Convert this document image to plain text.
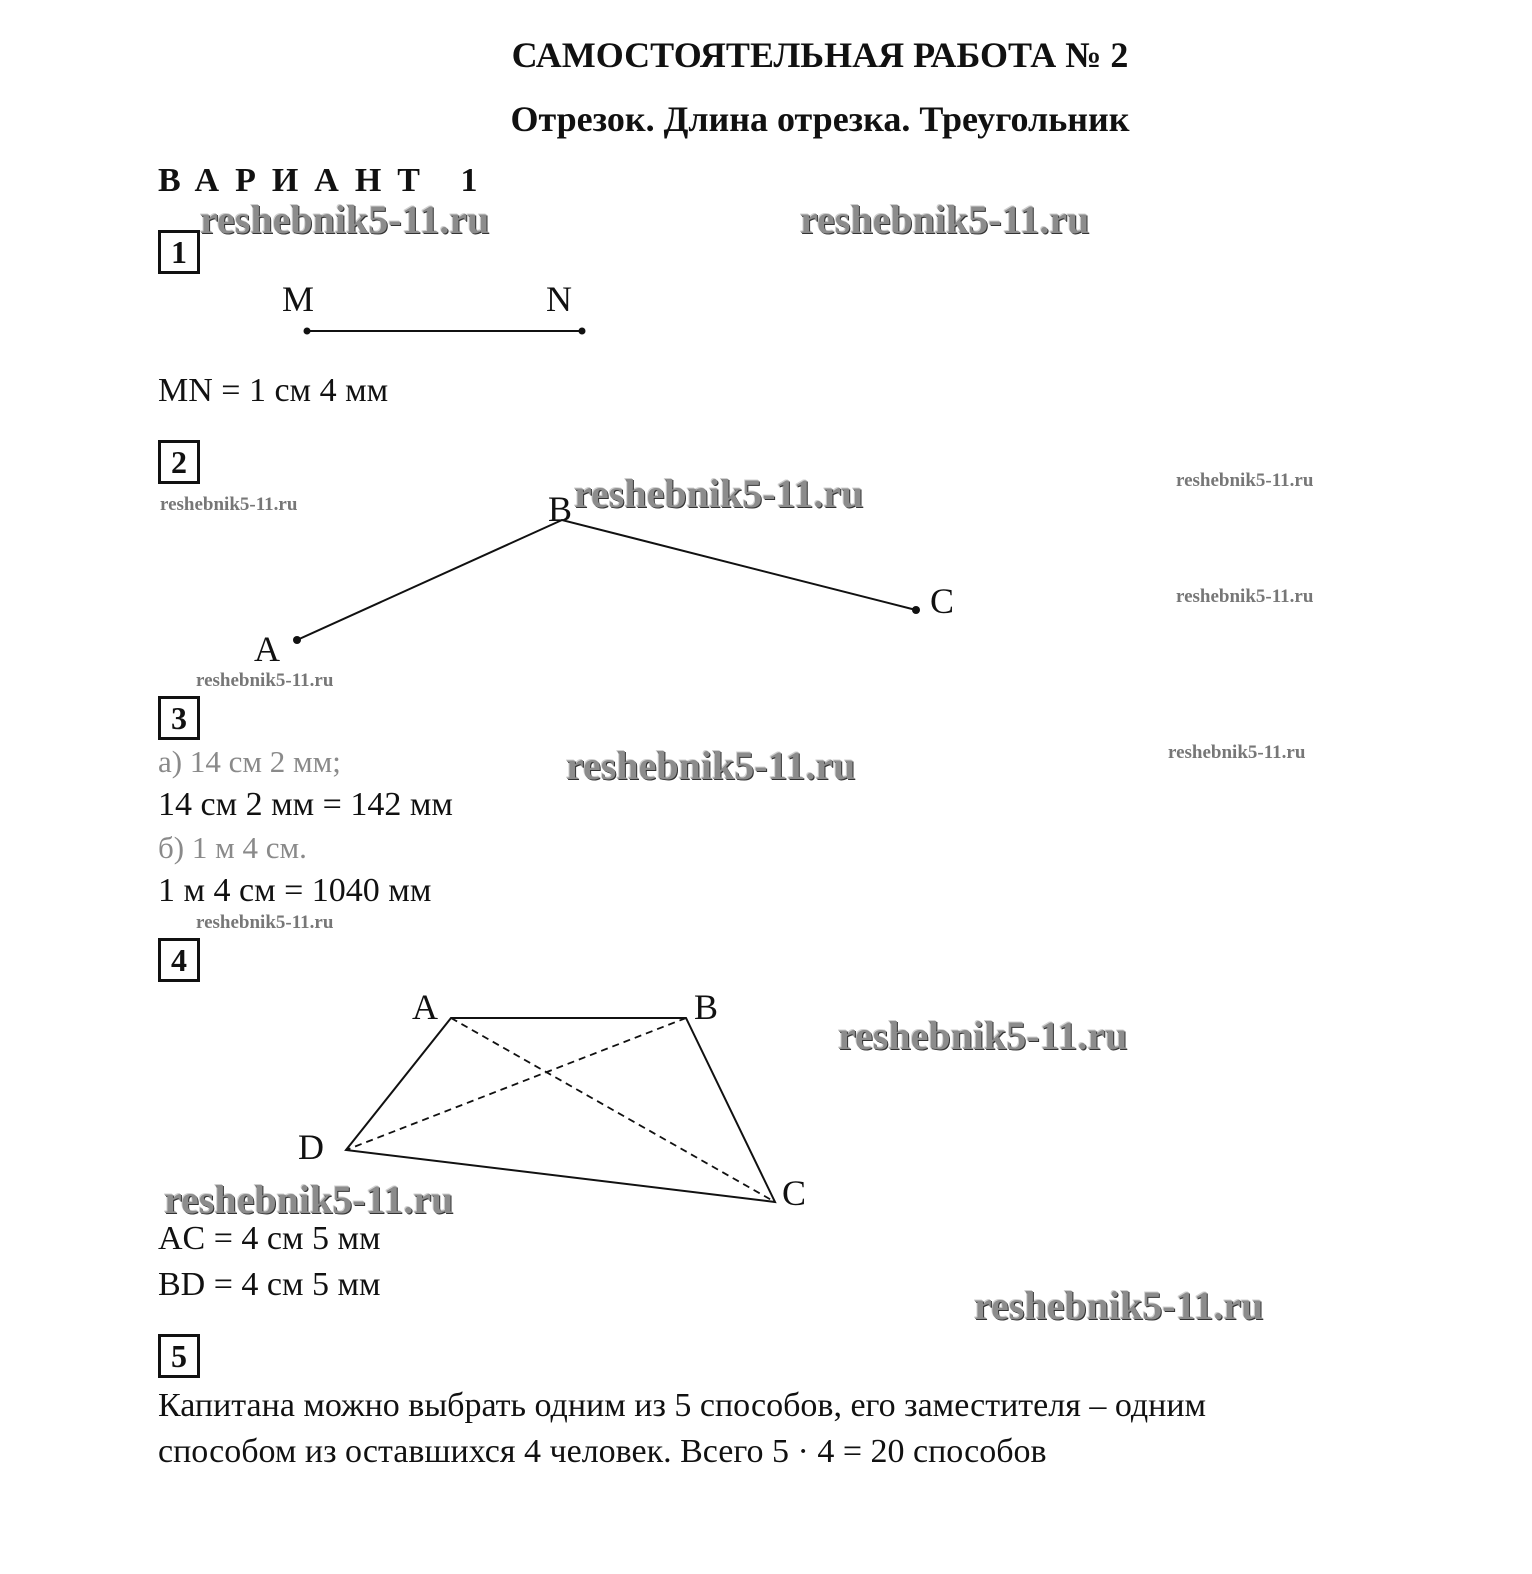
САМОСТОЯТЕЛЬНАЯ РАБОТА № 2
Отрезок. Длина отрезка. Треугольник
ВАРИАНТ 1
reshebnik5-11.ru	reshebnik5-11.ru
reshebnik5-11.ru	reshebnik5-11.ru	reshebnik5-11.ru
reshebnik5-11.ru
reshebnik5-11.ru
reshebnik5-11.ru	reshebnik5-11.ru
reshebnik5-11.ru
reshebnik5-11.ru
reshebnik5-11.ru
reshebnik5-11.ru
1
M	N
MN = 1 см 4 мм
2
B
C
A
3
а) 14 см 2 мм;
14 см 2 мм = 142 мм
б) 1 м 4 см.
1 м 4 см = 1040 мм
4
A	B
D
C
AC = 4 см 5 мм
BD = 4 см 5 мм
5
Капитана можно выбрать одним из 5 способов, его заместителя – одним
способом из оставшихся 4 человек. Всего 5 · 4 = 20 способов
